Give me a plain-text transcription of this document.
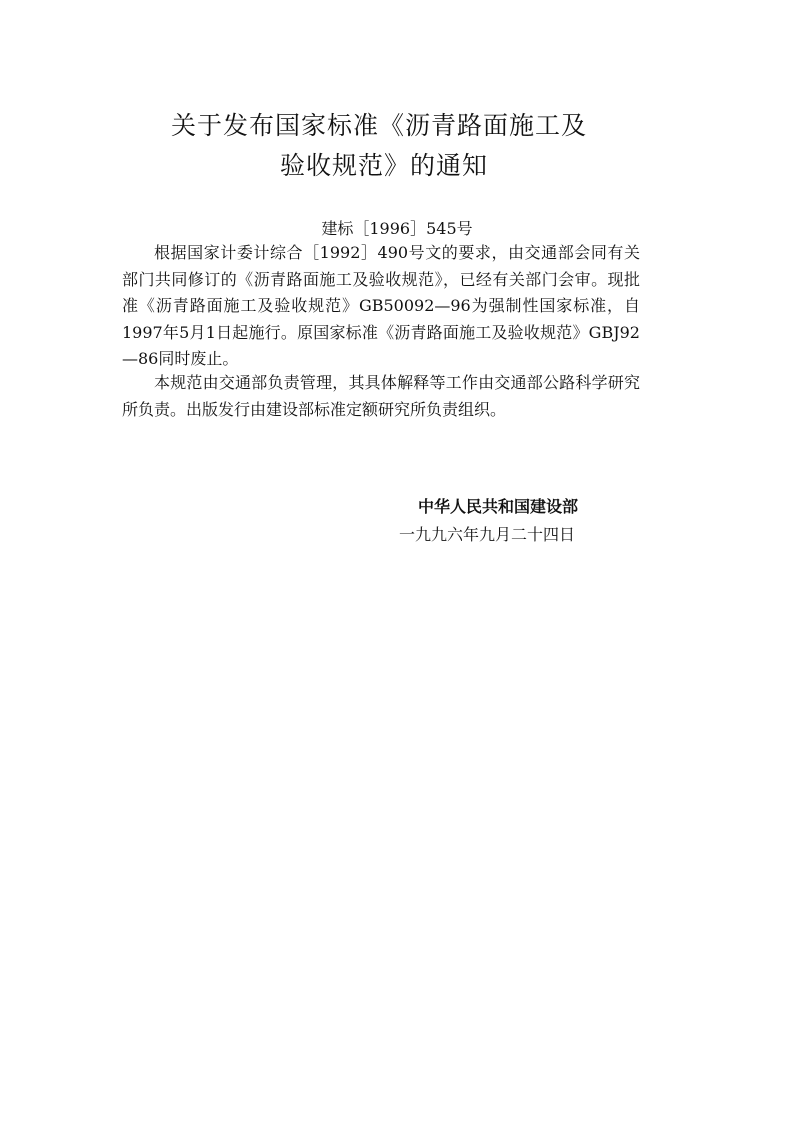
关于发布国家标准《沥青路面施工及
验收规范》的通知
建标［1996］545号
根据国家计委计综合［1992］490号文的要求，由交通部会同有关部门共同修订的《沥青路面施工及验收规范》，已经有关部门会审。现批准《沥青路面施工及验收规范》GB50092—96为强制性国家标准，自1997年5月1日起施行。原国家标准《沥青路面施工及验收规范》GBJ92—86同时废止。
本规范由交通部负责管理，其具体解释等工作由交通部公路科学研究所负责。出版发行由建设部标准定额研究所负责组织。
中华人民共和国建设部
一九九六年九月二十四日
